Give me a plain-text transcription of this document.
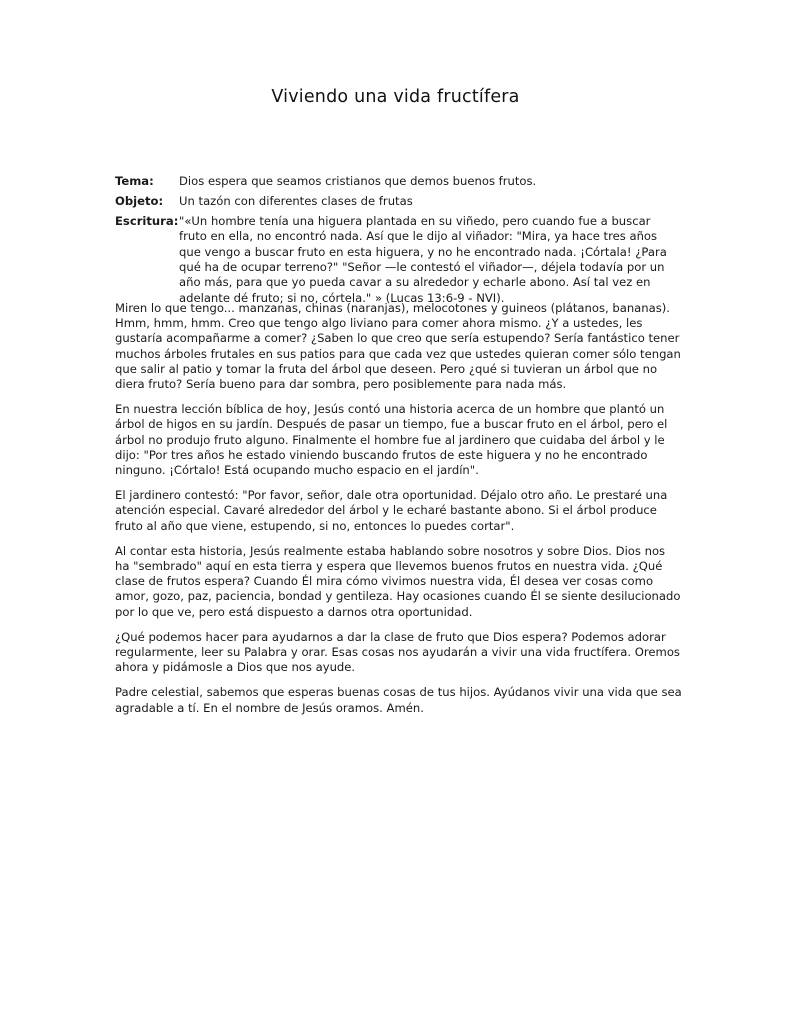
Viviendo una vida fructífera
Tema:	Dios espera que seamos cristianos que demos buenos frutos.
Objeto:	Un tazón con diferentes clases de frutas
Escritura: "«Un hombre tenía una higuera plantada en su viñedo, pero cuando fue a buscar fruto en ella, no encontró nada. Así que le dijo al viñador: "Mira, ya hace tres años que vengo a buscar fruto en esta higuera, y no he encontrado nada. ¡Córtala! ¿Para qué ha de ocupar terreno?" "Señor —le contestó el viñador—, déjela todavía por un año más, para que yo pueda cavar a su alrededor y echarle abono. Así tal vez en adelante dé fruto; si no, córtela." » (Lucas 13:6-9 - NVI).

Miren lo que tengo... manzanas, chinas (naranjas), melocotones y guineos (plátanos, bananas). Hmm, hmm, hmm. Creo que tengo algo liviano para comer ahora mismo. ¿Y a ustedes, les gustaría acompañarme a comer? ¿Saben lo que creo que sería estupendo? Sería fantástico tener muchos árboles frutales en sus patios para que cada vez que ustedes quieran comer sólo tengan que salir al patio y tomar la fruta del árbol que deseen. Pero ¿qué si tuvieran un árbol que no diera fruto? Sería bueno para dar sombra, pero posiblemente para nada más.

En nuestra lección bíblica de hoy, Jesús contó una historia acerca de un hombre que plantó un árbol de higos en su jardín. Después de pasar un tiempo, fue a buscar fruto en el árbol, pero el árbol no produjo fruto alguno. Finalmente el hombre fue al jardinero que cuidaba del árbol y le dijo: "Por tres años he estado viniendo buscando frutos de este higuera y no he encontrado ninguno. ¡Córtalo! Está ocupando mucho espacio en el jardín".

El jardinero contestó: "Por favor, señor, dale otra oportunidad. Déjalo otro año. Le prestaré una atención especial. Cavaré alrededor del árbol y le echaré bastante abono. Si el árbol produce fruto al año que viene, estupendo, si no, entonces lo puedes cortar".

Al contar esta historia, Jesús realmente estaba hablando sobre nosotros y sobre Dios. Dios nos ha "sembrado" aquí en esta tierra y espera que llevemos buenos frutos en nuestra vida. ¿Qué clase de frutos espera? Cuando Él mira cómo vivimos nuestra vida, Él desea ver cosas como amor, gozo, paz, paciencia, bondad y gentileza. Hay ocasiones cuando Él se siente desilucionado por lo que ve, pero está dispuesto a darnos otra oportunidad.

¿Qué podemos hacer para ayudarnos a dar la clase de fruto que Dios espera? Podemos adorar regularmente, leer su Palabra y orar. Esas cosas nos ayudarán a vivir una vida fructífera. Oremos ahora y pidámosle a Dios que nos ayude.

Padre celestial, sabemos que esperas buenas cosas de tus hijos. Ayúdanos vivir una vida que sea agradable a tí. En el nombre de Jesús oramos. Amén.
